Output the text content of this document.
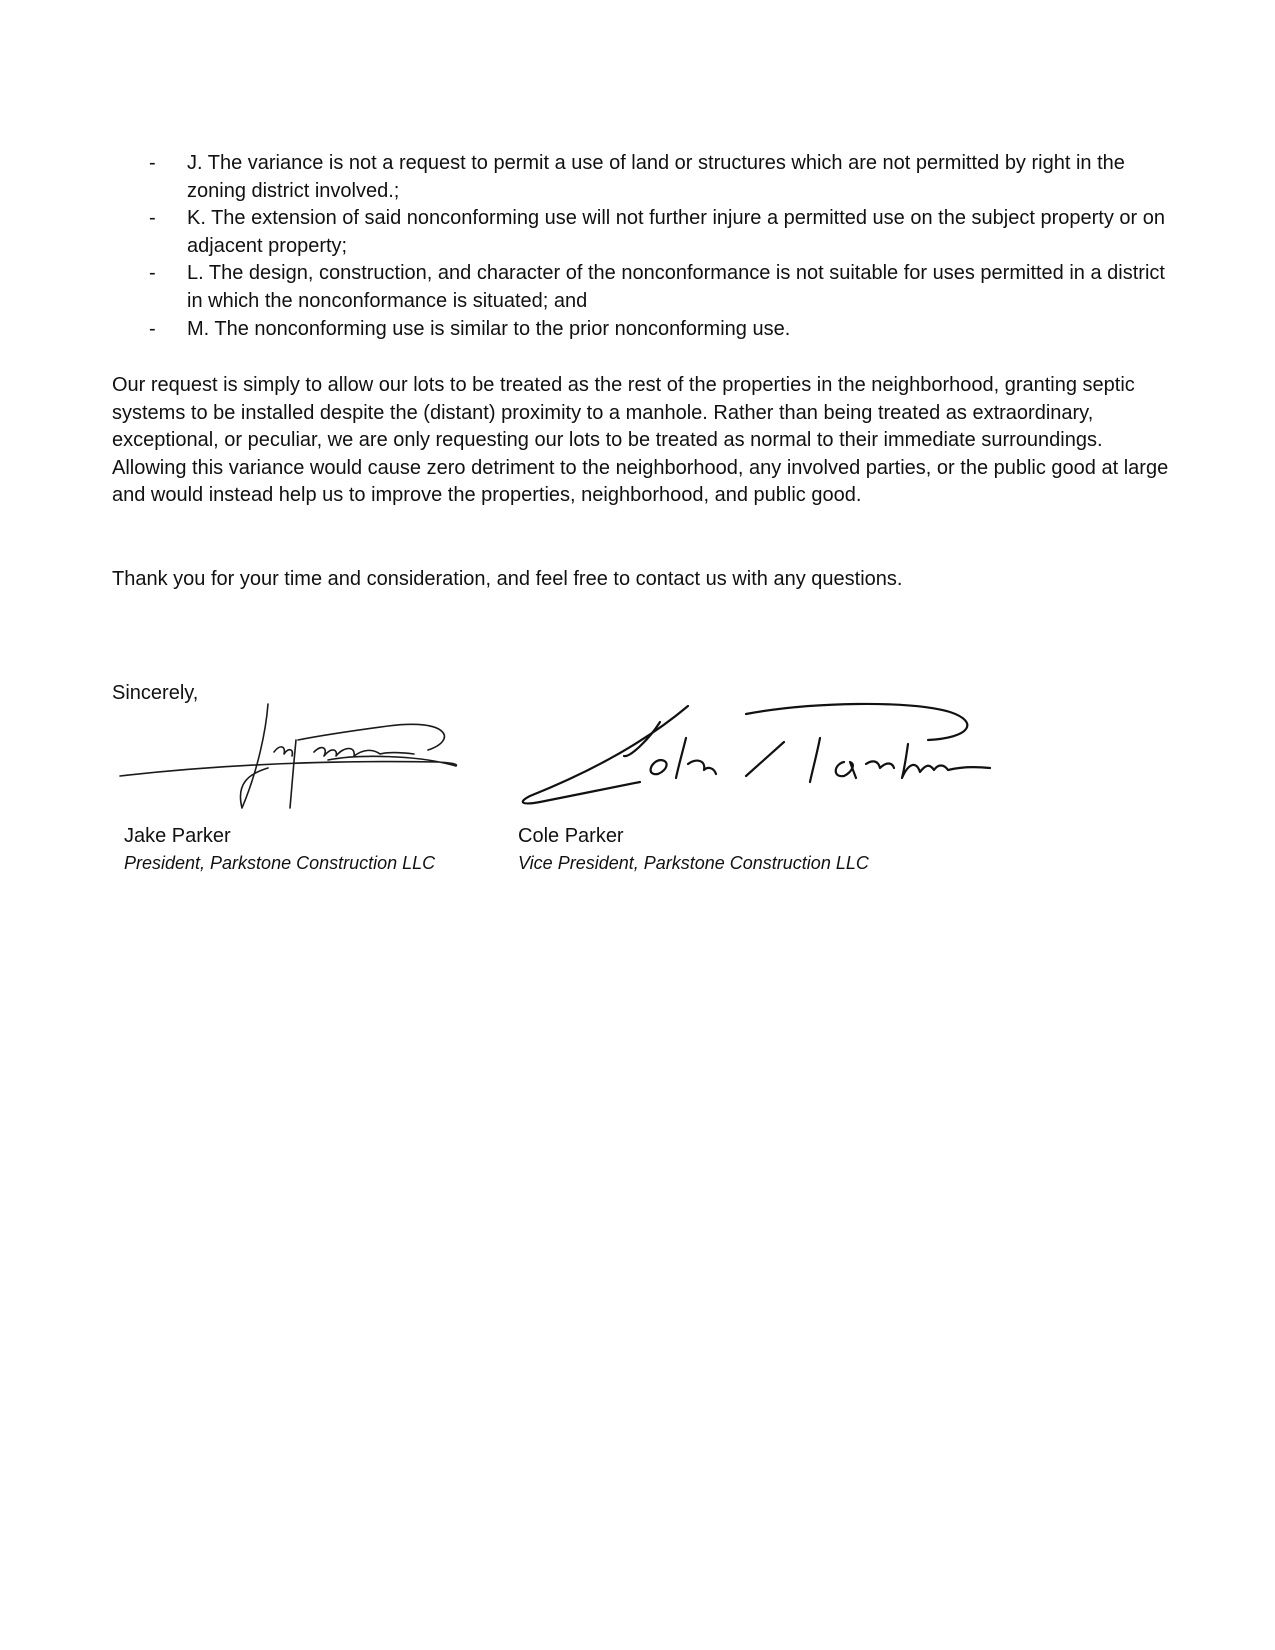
- J. The variance is not a request to permit a use of land or structures which are not permitted by right in the zoning district involved.;
- K. The extension of said nonconforming use will not further injure a permitted use on the subject property or on adjacent property;
- L. The design, construction, and character of the nonconformance is not suitable for uses permitted in a district in which the nonconformance is situated; and
- M. The nonconforming use is similar to the prior nonconforming use.

Our request is simply to allow our lots to be treated as the rest of the properties in the neighborhood, granting septic systems to be installed despite the (distant) proximity to a manhole. Rather than being treated as extraordinary, exceptional, or peculiar, we are only requesting our lots to be treated as normal to their immediate surroundings. Allowing this variance would cause zero detriment to the neighborhood, any involved parties, or the public good at large and would instead help us to improve the properties, neighborhood, and public good.

Thank you for your time and consideration, and feel free to contact us with any questions.

Sincerely,

Jake Parker
President, Parkstone Construction LLC
Cole Parker
Vice President, Parkstone Construction LLC
